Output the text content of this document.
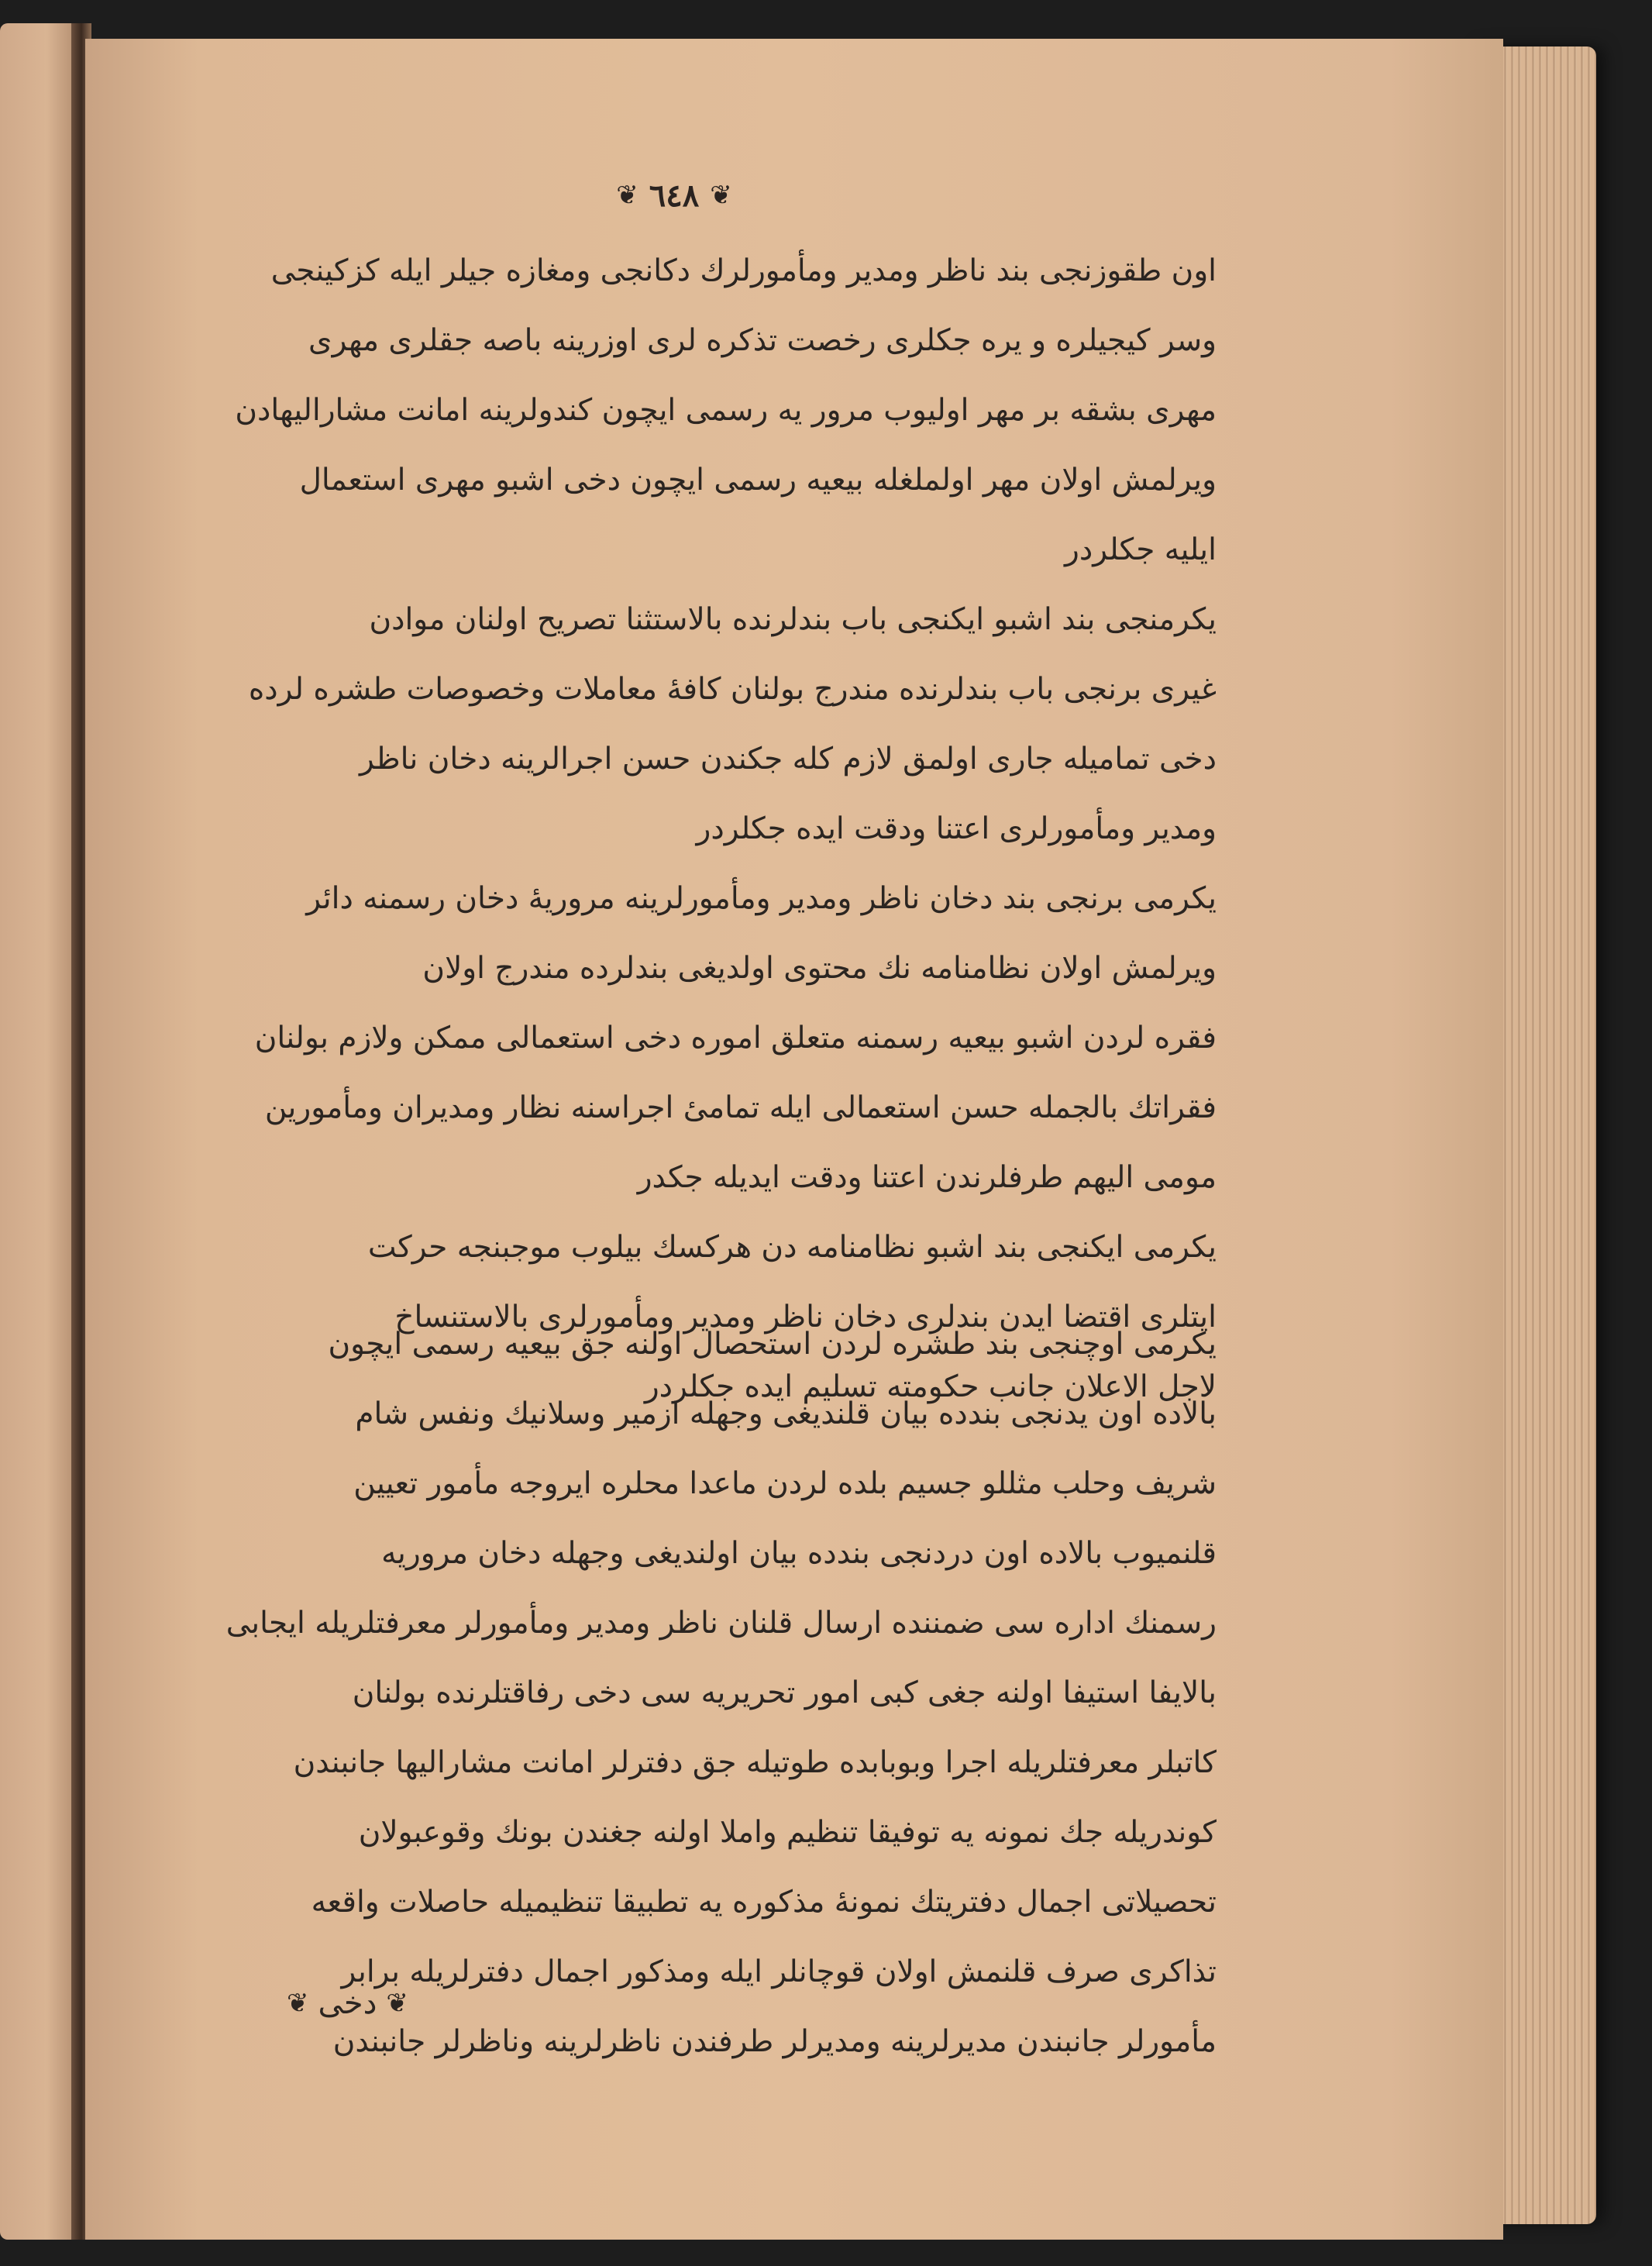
❦ ٦٤٨ ❦
اون طقوزنجی بند ناظر ومدیر ومأمورلرك دكانجی ومغازه جیلر ایله كزكینجی
وسر كیجیلره و یره جكلری رخصت تذكره لری اوزرینه باصه جقلری مهری
مهری بشقه بر مهر اولیوب مرور یه رسمی ایچون كندولرینه امانت مشارالیهادن
ویرلمش اولان مهر اولملغله بیعیه رسمی ایچون دخی اشبو مهری استعمال
ایلیه جكلردر
یكرمنجی بند اشبو ایكنجی باب بندلرنده بالاستثنا تصریح اولنان موادن
غیری برنجی باب بندلرنده مندرج بولنان كافهٔ معاملات وخصوصات طشره لرده
دخی تمامیله جاری اولمق لازم كله جكندن حسن اجرالرینه دخان ناظر
ومدیر ومأمورلری اعتنا ودقت ایده جكلردر
یكرمی برنجی بند دخان ناظر ومدیر ومأمورلرینه مروریهٔ دخان رسمنه دائر
ویرلمش اولان نظامنامه نك محتوی اولدیغی بندلرده مندرج اولان
فقره لردن اشبو بیعیه رسمنه متعلق اموره دخی استعمالی ممكن ولازم بولنان
فقراتك بالجمله حسن استعمالی ایله تمامیٔ اجراسنه نظار ومدیران ومأمورین
مومی الیهم طرفلرندن اعتنا ودقت ایدیله جكدر
یكرمی ایكنجی بند اشبو نظامنامه دن هركسك بیلوب موجبنجه حركت
ایتلری اقتضا ایدن بندلری دخان ناظر ومدیر ومأمورلری بالاستنساخ
لاجل الاعلان جانب حكومته تسلیم ایده جكلردر
یكرمی اوچنجی بند طشره لردن استحصال اولنه جق بیعیه رسمی ایچون
بالاده اون یدنجی بندده بیان قلندیغی وجهله ازمیر وسلانیك ونفس شام
شریف وحلب مثللو جسیم بلده لردن ماعدا محلره ایروجه مأمور تعیین
قلنمیوب بالاده اون دردنجی بندده بیان اولندیغی وجهله دخان مروریه
رسمنك اداره سی ضمننده ارسال قلنان ناظر ومدیر ومأمورلر معرفتلریله ایجابی
بالایفا استیفا اولنه جغی كبی امور تحریریه سی دخی رفاقتلرنده بولنان
كاتبلر معرفتلریله اجرا وبوبابده طوتیله جق دفترلر امانت مشارالیها جانبندن
كوندریله جك نمونه یه توفیقا تنظیم واملا اولنه جغندن بونك وقوعبولان
تحصیلاتی اجمال دفتریتك نمونهٔ مذكوره یه تطبیقا تنظیمیله حاصلات واقعه
تذاكری صرف قلنمش اولان قوچانلر ایله ومذكور اجمال دفترلریله برابر
مأمورلر جانبندن مدیرلرینه ومدیرلر طرفندن ناظرلرینه وناظرلر جانبندن
❦
دخی
❦
